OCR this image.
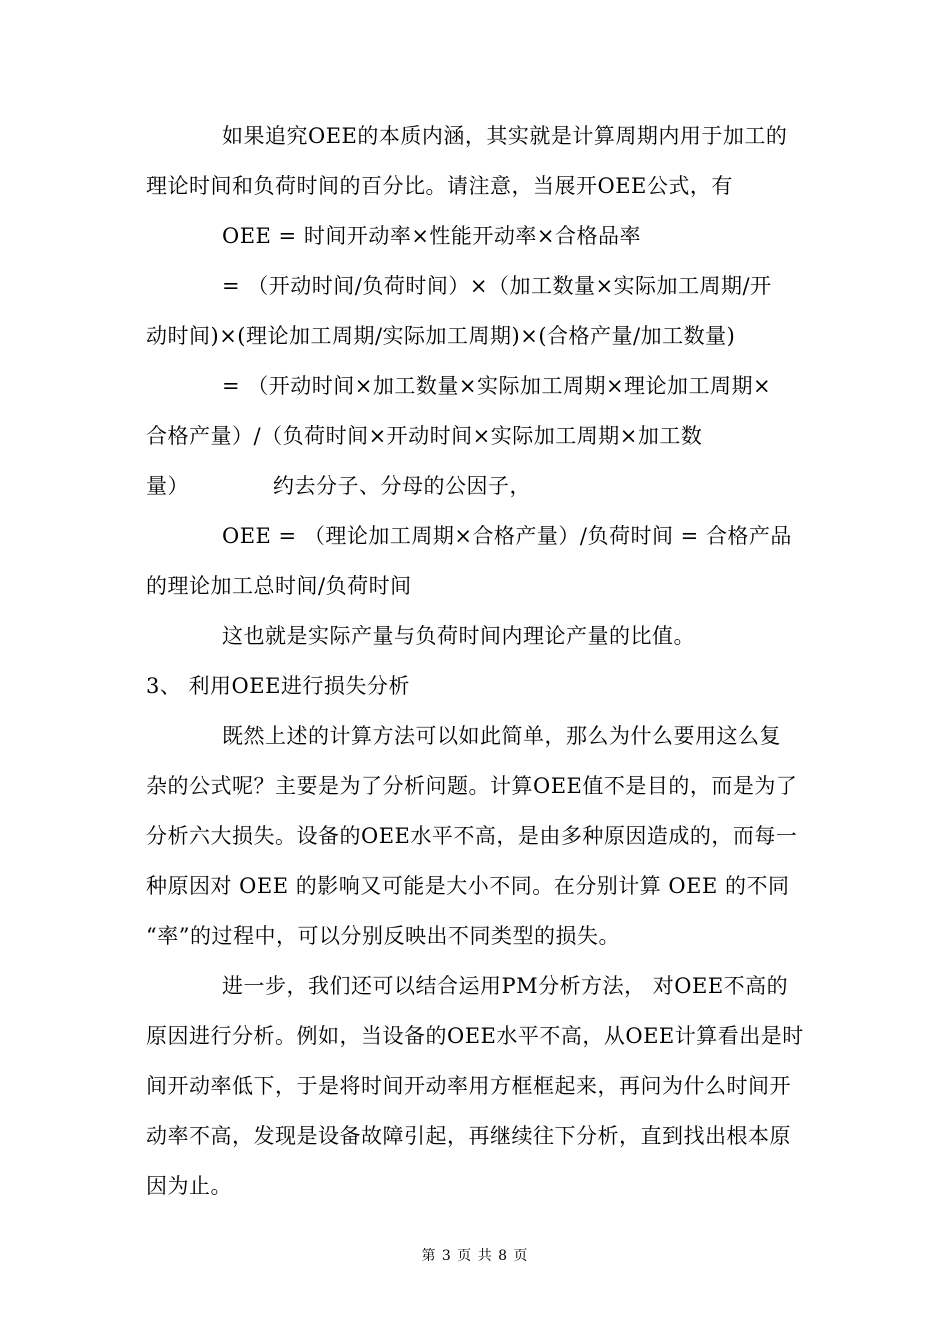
如果追究OEE的本质内涵，其实就是计算周期内用于加工的
理论时间和负荷时间的百分比。请注意，当展开OEE公式，有
OEE = 时间开动率×性能开动率×合格品率
= （开动时间/负荷时间）×（加工数量×实际加工周期/开
动时间)×(理论加工周期/实际加工周期)×(合格产量/加工数量)
= （开动时间×加工数量×实际加工周期×理论加工周期×
合格产量）/（负荷时间×开动时间×实际加工周期×加工数
量）	约去分子、分母的公因子，
OEE = （理论加工周期×合格产量）/负荷时间 = 合格产品
的理论加工总时间/负荷时间
这也就是实际产量与负荷时间内理论产量的比值。
3、 利用OEE进行损失分析
既然上述的计算方法可以如此简单，那么为什么要用这么复
杂的公式呢？主要是为了分析问题。计算OEE值不是目的，而是为了
分析六大损失。设备的OEE水平不高，是由多种原因造成的，而每一
种原因对 OEE 的影响又可能是大小不同。在分别计算 OEE 的不同
“率”的过程中，可以分别反映出不同类型的损失。
进一步，我们还可以结合运用PM分析方法， 对OEE不高的
原因进行分析。例如，当设备的OEE水平不高，从OEE计算看出是时
间开动率低下，于是将时间开动率用方框框起来，再问为什么时间开
动率不高，发现是设备故障引起，再继续往下分析，直到找出根本原
因为止。
第 3 页 共 8 页
